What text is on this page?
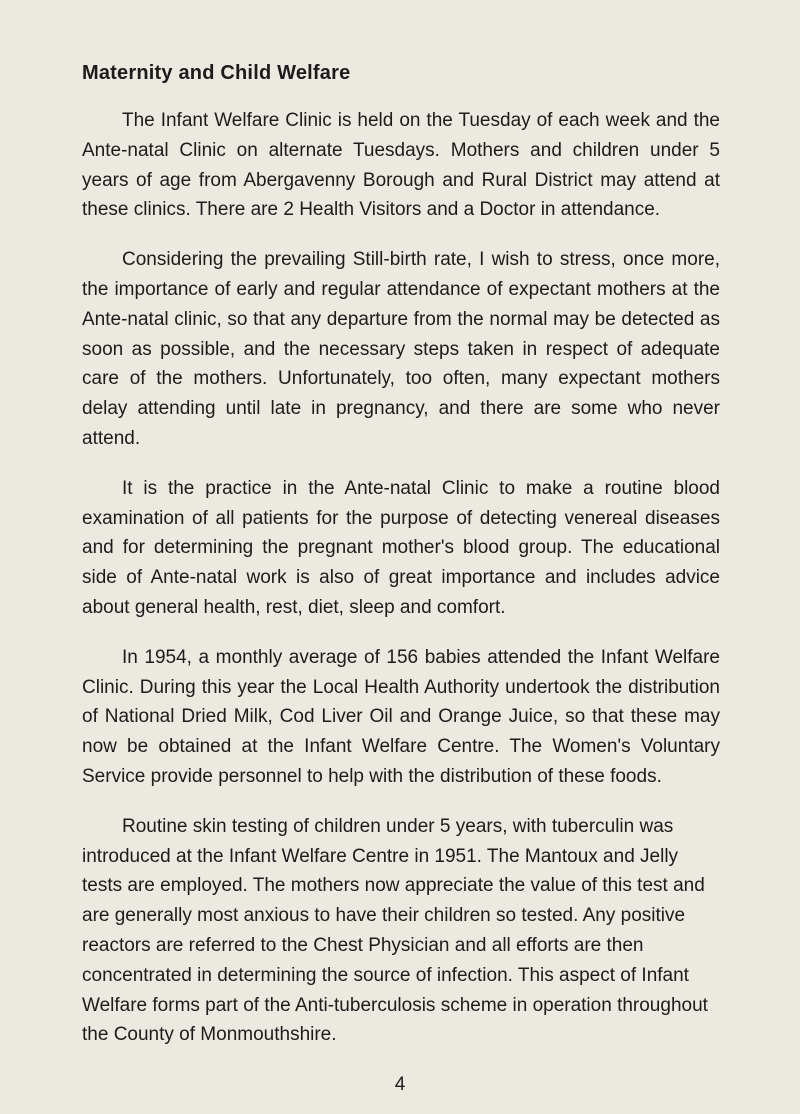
Maternity and Child Welfare

The Infant Welfare Clinic is held on the Tuesday of each week and the Ante-natal Clinic on alternate Tuesdays. Mothers and children under 5 years of age from Abergavenny Borough and Rural District may attend at these clinics. There are 2 Health Visitors and a Doctor in attendance.

Considering the prevailing Still-birth rate, I wish to stress, once more, the importance of early and regular attendance of expectant mothers at the Ante-natal clinic, so that any departure from the normal may be detected as soon as possible, and the necessary steps taken in respect of adequate care of the mothers. Unfortunately, too often, many expectant mothers delay attending until late in pregnancy, and there are some who never attend.

It is the practice in the Ante-natal Clinic to make a routine blood examination of all patients for the purpose of detecting venereal diseases and for determining the pregnant mother's blood group. The educational side of Ante-natal work is also of great importance and includes advice about general health, rest, diet, sleep and comfort.

In 1954, a monthly average of 156 babies attended the Infant Welfare Clinic. During this year the Local Health Authority undertook the distribution of National Dried Milk, Cod Liver Oil and Orange Juice, so that these may now be obtained at the Infant Welfare Centre. The Women's Voluntary Service provide personnel to help with the distribution of these foods.

Routine skin testing of children under 5 years, with tuberculin was introduced at the Infant Welfare Centre in 1951. The Mantoux and Jelly tests are employed. The mothers now appreciate the value of this test and are generally most anxious to have their children so tested. Any positive reactors are referred to the Chest Physician and all efforts are then concentrated in determining the source of infection. This aspect of Infant Welfare forms part of the Anti-tuberculosis scheme in operation throughout the County of Monmouthshire.

4
